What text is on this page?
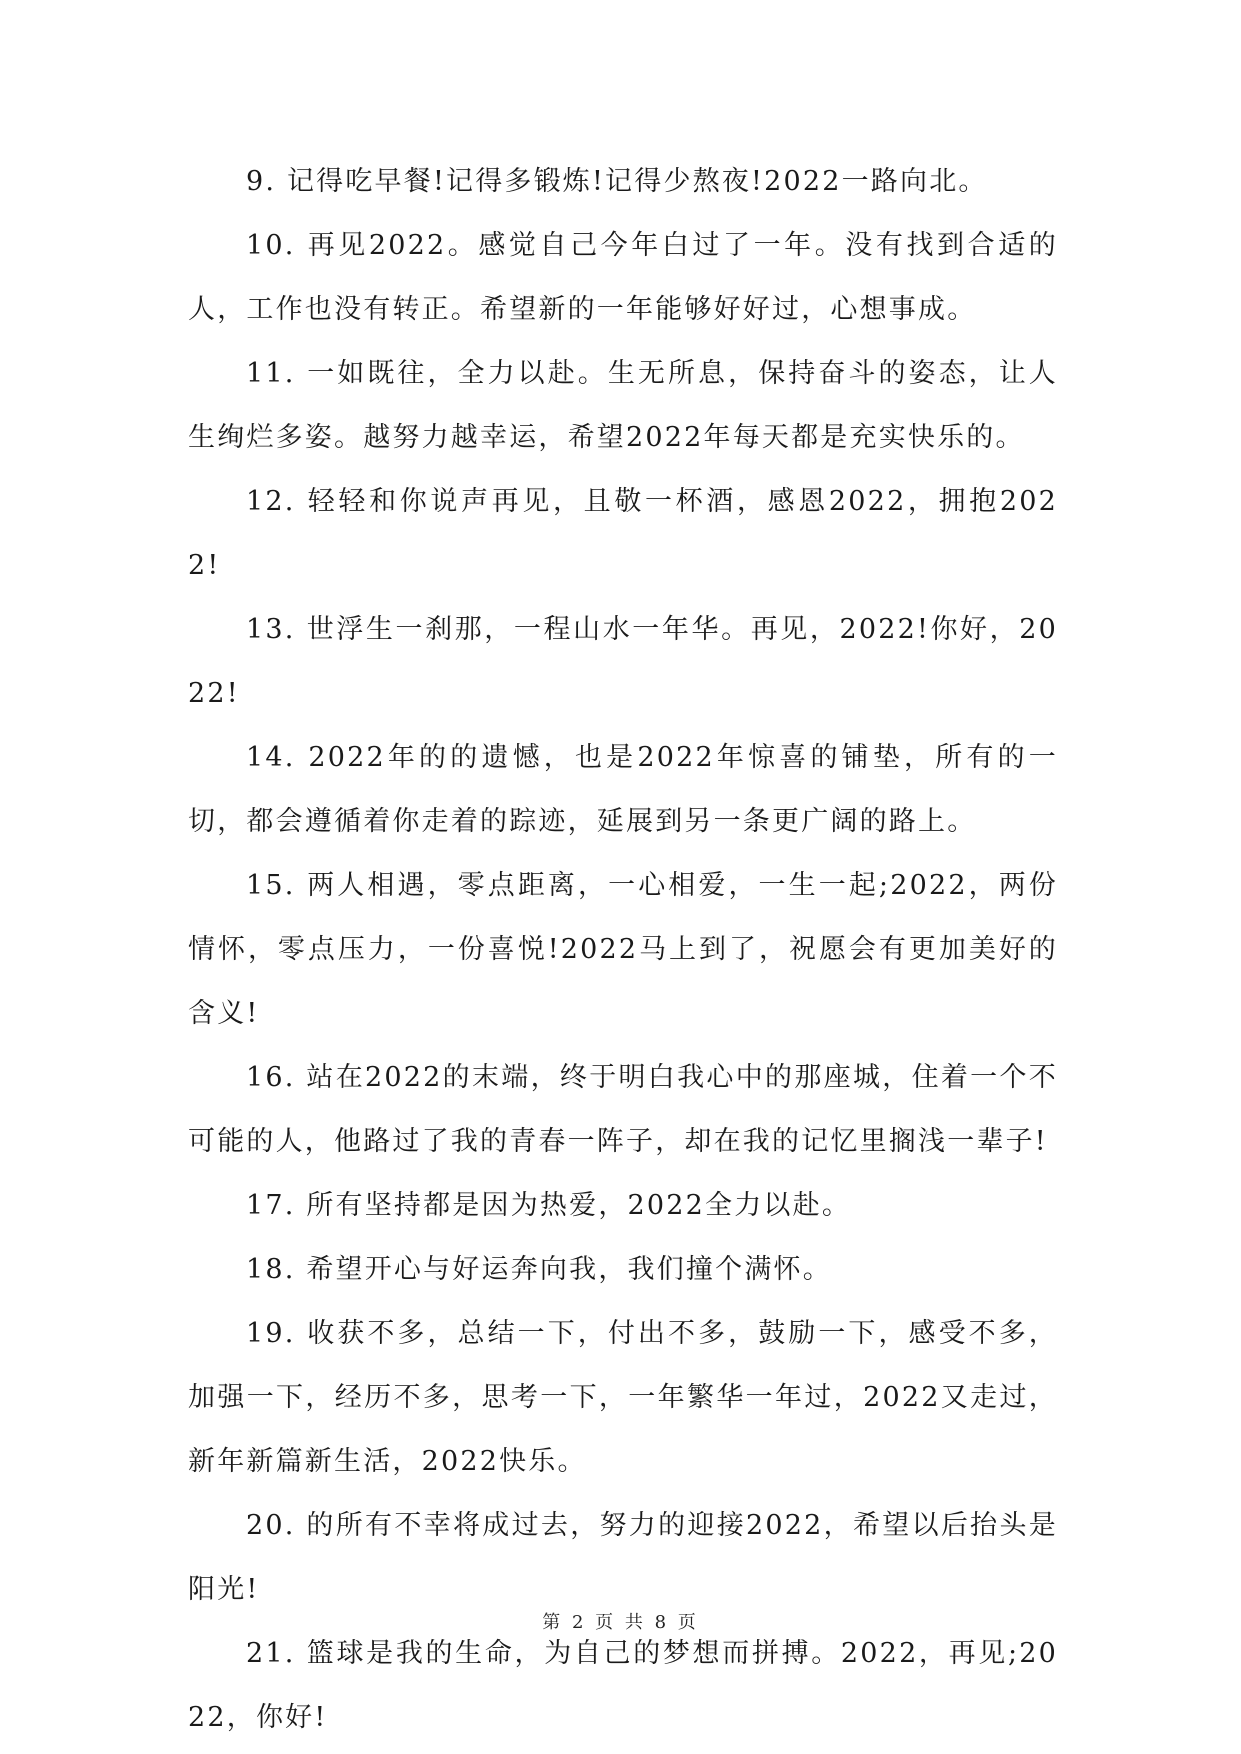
9. 记得吃早餐!记得多锻炼!记得少熬夜!2022一路向北。

10. 再见2022。感觉自己今年白过了一年。没有找到合适的人，工作也没有转正。希望新的一年能够好好过，心想事成。

11. 一如既往，全力以赴。生无所息，保持奋斗的姿态，让人生绚烂多姿。越努力越幸运，希望2022年每天都是充实快乐的。

12. 轻轻和你说声再见，且敬一杯酒，感恩2022，拥抱2022!

13. 世浮生一刹那，一程山水一年华。再见，2022!你好，2022!

14. 2022年的的遗憾，也是2022年惊喜的铺垫，所有的一切，都会遵循着你走着的踪迹，延展到另一条更广阔的路上。

15. 两人相遇，零点距离，一心相爱，一生一起;2022，两份情怀，零点压力，一份喜悦!2022马上到了，祝愿会有更加美好的含义!

16. 站在2022的末端，终于明白我心中的那座城，住着一个不可能的人，他路过了我的青春一阵子，却在我的记忆里搁浅一辈子!

17. 所有坚持都是因为热爱，2022全力以赴。

18. 希望开心与好运奔向我，我们撞个满怀。

19. 收获不多，总结一下，付出不多，鼓励一下，感受不多，加强一下，经历不多，思考一下，一年繁华一年过，2022又走过，新年新篇新生活，2022快乐。

20. 的所有不幸将成过去，努力的迎接2022，希望以后抬头是阳光!

21. 篮球是我的生命，为自己的梦想而拼搏。2022，再见;2022，你好!

第 2 页 共 8 页
